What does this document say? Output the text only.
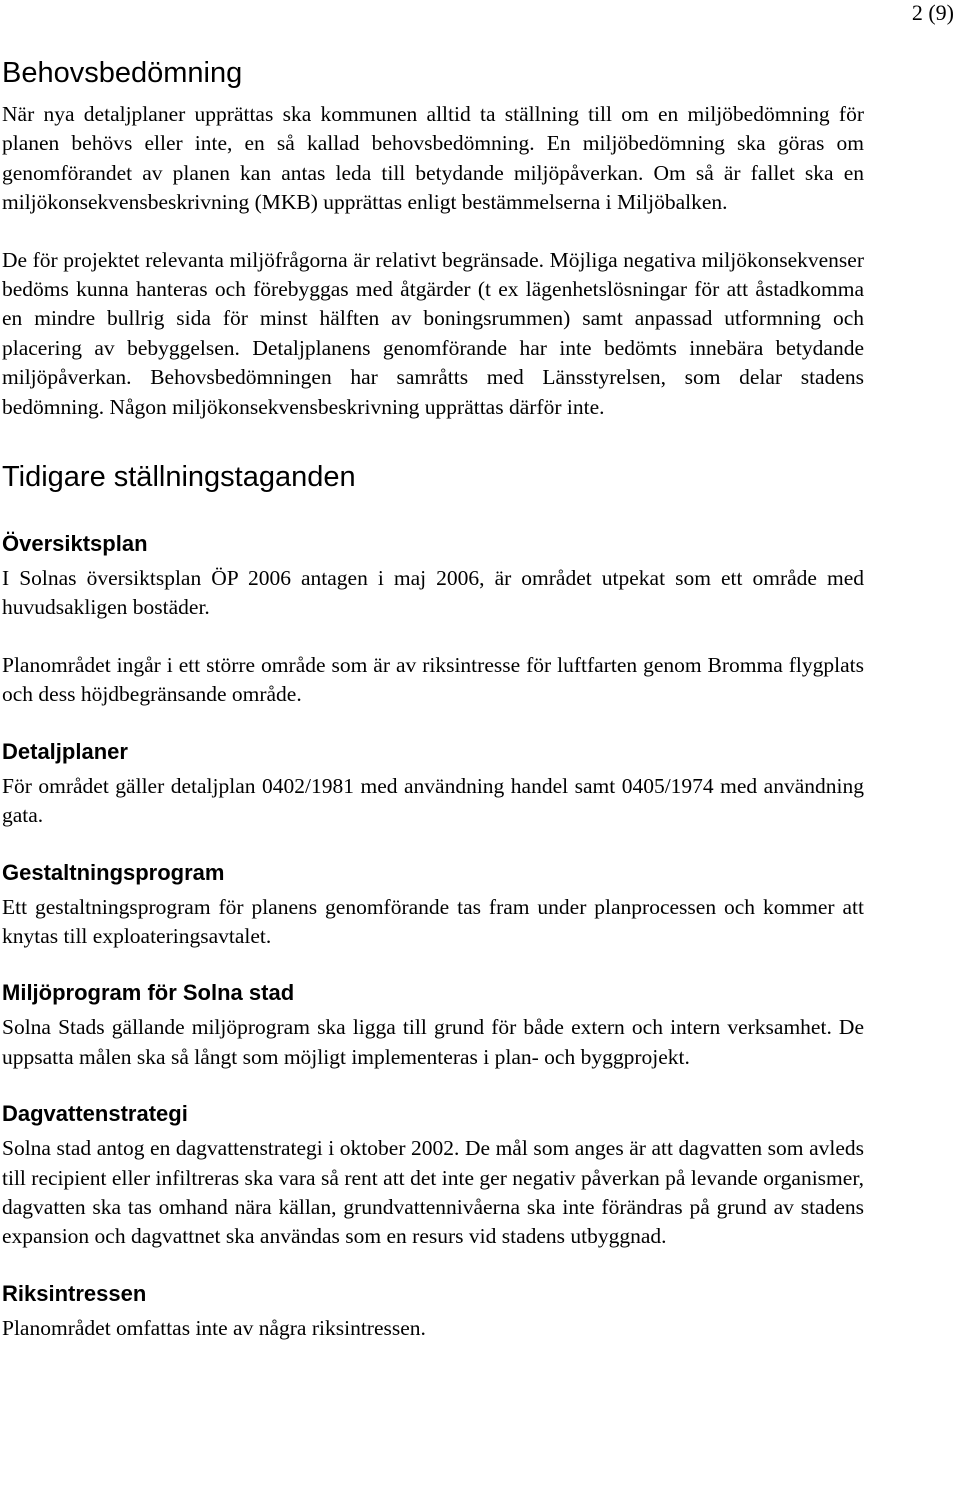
2 (9)
Behovsbedömning

När nya detaljplaner upprättas ska kommunen alltid ta ställning till om en miljöbedömning för planen behövs eller inte, en så kallad behovsbedömning. En miljöbedömning ska göras om genomförandet av planen kan antas leda till betydande miljöpåverkan. Om så är fallet ska en miljökonsekvensbeskrivning (MKB) upprättas enligt bestämmelserna i Miljöbalken.

De för projektet relevanta miljöfrågorna är relativt begränsade. Möjliga negativa miljökonsekvenser bedöms kunna hanteras och förebyggas med åtgärder (t ex lägenhetslösningar för att åstadkomma en mindre bullrig sida för minst hälften av boningsrummen) samt anpassad utformning och placering av bebyggelsen. Detaljplanens genomförande har inte bedömts innebära betydande miljöpåverkan. Behovsbedömningen har samråtts med Länsstyrelsen, som delar stadens bedömning. Någon miljökonsekvensbeskrivning upprättas därför inte.

Tidigare ställningstaganden
Översiktsplan

I Solnas översiktsplan ÖP 2006 antagen i maj 2006, är området utpekat som ett område med huvudsakligen bostäder.

Planområdet ingår i ett större område som är av riksintresse för luftfarten genom Bromma flygplats och dess höjdbegränsande område.

Detaljplaner

För området gäller detaljplan 0402/1981 med användning handel samt 0405/1974 med användning gata.

Gestaltningsprogram

Ett gestaltningsprogram för planens genomförande tas fram under planprocessen och kommer att knytas till exploateringsavtalet.

Miljöprogram för Solna stad

Solna Stads gällande miljöprogram ska ligga till grund för både extern och intern verksamhet. De uppsatta målen ska så långt som möjligt implementeras i plan- och byggprojekt.

Dagvattenstrategi

Solna stad antog en dagvattenstrategi i oktober 2002. De mål som anges är att dagvatten som avleds till recipient eller infiltreras ska vara så rent att det inte ger negativ påverkan på levande organismer, dagvatten ska tas omhand nära källan, grundvattennivåerna ska inte förändras på grund av stadens expansion och dagvattnet ska användas som en resurs vid stadens utbyggnad.

Riksintressen

Planområdet omfattas inte av några riksintressen.
